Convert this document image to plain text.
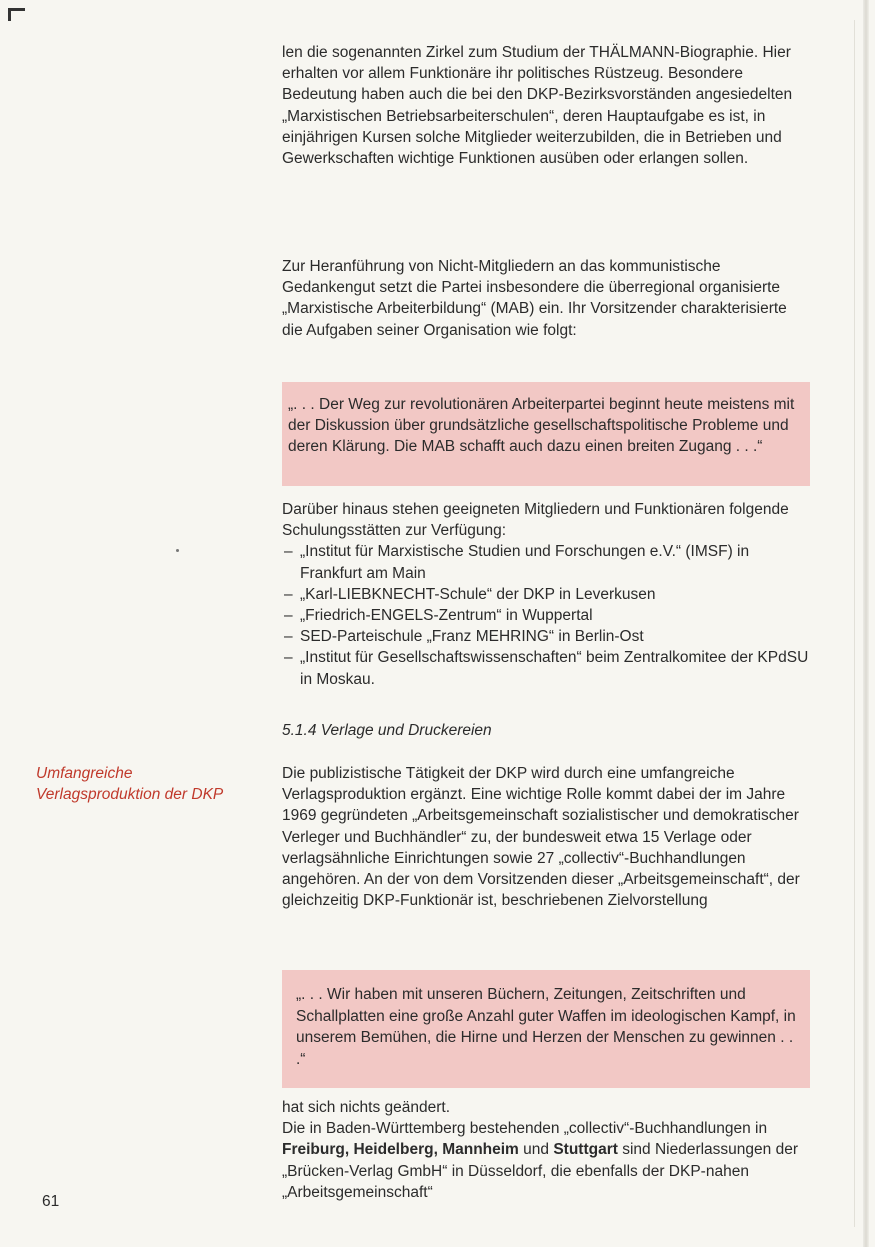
len die sogenannten Zirkel zum Studium der THÄLMANN-Biographie. Hier erhalten vor allem Funktionäre ihr politisches Rüstzeug. Besondere Bedeutung haben auch die bei den DKP-Bezirksvorständen angesiedelten „Marxistischen Betriebsarbeiterschulen“, deren Hauptaufgabe es ist, in einjährigen Kursen solche Mitglieder weiterzubilden, die in Betrieben und Gewerkschaften wichtige Funktionen ausüben oder erlangen sollen.

Zur Heranführung von Nicht-Mitgliedern an das kommunistische Gedankengut setzt die Partei insbesondere die überregional organisierte „Marxistische Arbeiterbildung“ (MAB) ein. Ihr Vorsitzender charakterisierte die Aufgaben seiner Organisation wie folgt:

„. . . Der Weg zur revolutionären Arbeiterpartei beginnt heute meistens mit der Diskussion über grundsätzliche gesellschaftspolitische Probleme und deren Klärung. Die MAB schafft auch dazu einen breiten Zugang . . .“

Darüber hinaus stehen geeigneten Mitgliedern und Funktionären folgende Schulungsstätten zur Verfügung:

– „Institut für Marxistische Studien und Forschungen e.V.“ (IMSF) in Frankfurt am Main
– „Karl-LIEBKNECHT-Schule“ der DKP in Leverkusen
– „Friedrich-ENGELS-Zentrum“ in Wuppertal
– SED-Parteischule „Franz MEHRING“ in Berlin-Ost
– „Institut für Gesellschaftswissenschaften“ beim Zentralkomitee der KPdSU in Moskau.

5.1.4 Verlage und Druckereien

Umfangreiche Verlagsproduktion der DKP

Die publizistische Tätigkeit der DKP wird durch eine umfangreiche Verlagsproduktion ergänzt. Eine wichtige Rolle kommt dabei der im Jahre 1969 gegründeten „Arbeitsgemeinschaft sozialistischer und demokratischer Verleger und Buchhändler“ zu, der bundesweit etwa 15 Verlage oder verlagsähnliche Einrichtungen sowie 27 „collectiv“-Buchhandlungen angehören. An der von dem Vorsitzenden dieser „Arbeitsgemeinschaft“, der gleichzeitig DKP-Funktionär ist, beschriebenen Zielvorstellung

„. . . Wir haben mit unseren Büchern, Zeitungen, Zeitschriften und Schallplatten eine große Anzahl guter Waffen im ideologischen Kampf, in unserem Bemühen, die Hirne und Herzen der Menschen zu gewinnen . . .“

hat sich nichts geändert.

Die in Baden-Württemberg bestehenden „collectiv“-Buchhandlungen in Freiburg, Heidelberg, Mannheim und Stuttgart sind Niederlassungen der „Brücken-Verlag GmbH“ in Düsseldorf, die ebenfalls der DKP-nahen „Arbeitsgemeinschaft“

61
